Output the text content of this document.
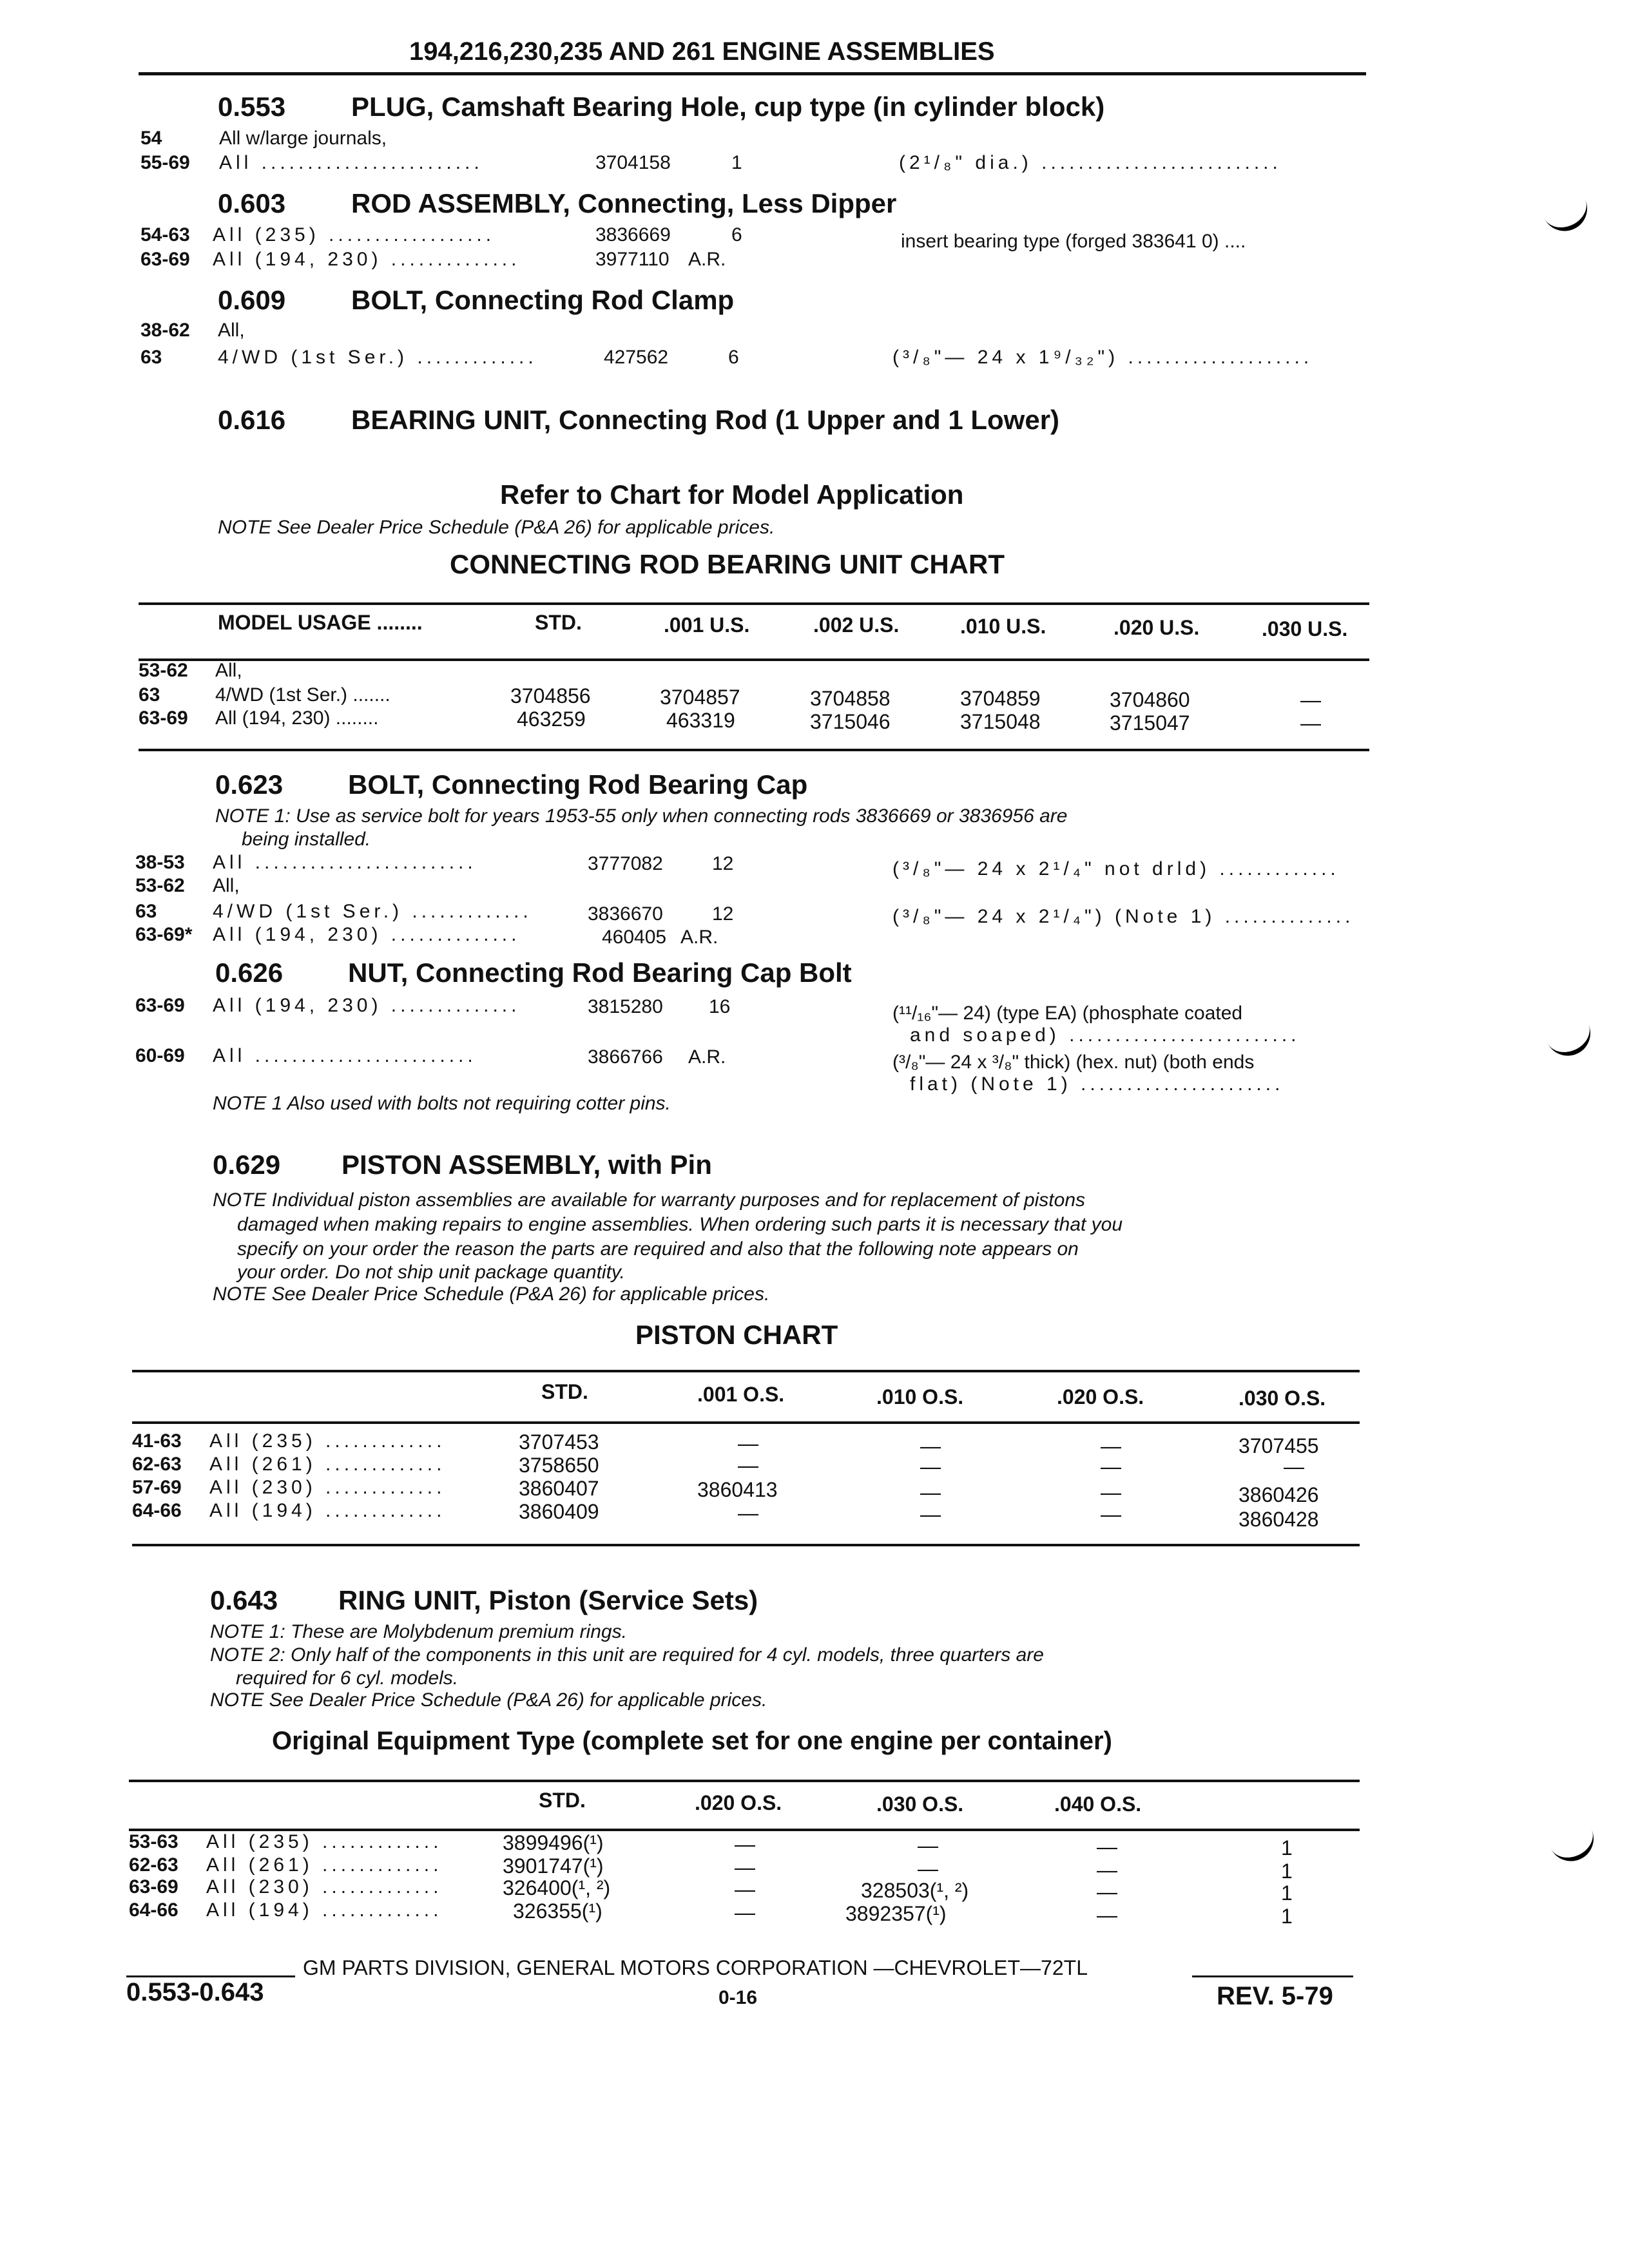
194,216,230,235 AND 261 ENGINE ASSEMBLIES
0.553 PLUG, Camshaft Bearing Hole, cup type (in cylinder block)
54	All w/large journals,
55-69 All ........................	3704158	1	(2¹/₈" dia.) ..........................
0.603 ROD ASSEMBLY, Connecting, Less Dipper
54-63 All (235) ..................	3836669	6	insert bearing type (forged 383641 0) ....
63-69 All (194, 230) ..............	3977110 A.R.
0.609 BOLT, Connecting Rod Clamp
38-62 All,
63	4/WD (1st Ser.) .............	427562	6	(³/₈"— 24 x 1⁹/₃₂") ....................
0.616 BEARING UNIT, Connecting Rod (1 Upper and 1 Lower)
Refer to Chart for Model Application
NOTE See Dealer Price Schedule (P&A 26) for applicable prices.
CONNECTING ROD BEARING UNIT CHART
MODEL USAGE ........	STD.	.001 U.S.	.002 U.S.	.010 U.S.	.020 U.S.	.030 U.S.
53-62 All,
63	4/WD (1st Ser.) .......	3704856	3704857	3704858	3704859	3704860	—
63-69 All (194, 230) ........	463259	463319	3715046	3715048	3715047	—
0.623 BOLT, Connecting Rod Bearing Cap
NOTE 1: Use as service bolt for years 1953-55 only when connecting rods 3836669 or 3836956 are
being installed.
38-53 All ........................	3777082	12	(³/₈"— 24 x 2¹/₄" not drld) .............
53-62 All,
63	4/WD (1st Ser.) .............	3836670	12	(³/₈"— 24 x 2¹/₄") (Note 1) ..............
63-69* All (194, 230) ..............	460405 A.R.
0.626 NUT, Connecting Rod Bearing Cap Bolt
63-69 All (194, 230) ..............	3815280 16	(¹¹/₁₆"— 24) (type EA) (phosphate coated
and soaped) .........................
60-69 All ........................	3866766 A.R.	(³/₈"— 24 x ³/₈" thick) (hex. nut) (both ends
flat) (Note 1) ......................
NOTE 1 Also used with bolts not requiring cotter pins.
0.629 PISTON ASSEMBLY, with Pin
NOTE Individual piston assemblies are available for warranty purposes and for replacement of pistons
damaged when making repairs to engine assemblies. When ordering such parts it is necessary that you
specify on your order the reason the parts are required and also that the following note appears on
your order. Do not ship unit package quantity.
NOTE See Dealer Price Schedule (P&A 26) for applicable prices.
PISTON CHART
STD.	.001 O.S.	.010 O.S.	.020 O.S.	.030 O.S.
41-63 All (235) .............	3707453	—	—	—	3707455
62-63 All (261) .............	3758650	—	—	—	—
57-69 All (230) .............	3860407	3860413	—	—	3860426
64-66 All (194) .............	3860409	—	—	—	3860428
0.643 RING UNIT, Piston (Service Sets)
NOTE 1: These are Molybdenum premium rings.
NOTE 2: Only half of the components in this unit are required for 4 cyl. models, three quarters are
required for 6 cyl. models.
NOTE See Dealer Price Schedule (P&A 26) for applicable prices.
Original Equipment Type (complete set for one engine per container)
STD.	.020 O.S.	.030 O.S.	.040 O.S.
53-63 All (235) .............	3899496(¹)	—	—	—	1
62-63 All (261) .............	3901747(¹)	—	—	—	1
63-69 All (230) .............	326400(¹, ²)	—	328503(¹, ²)	—	1
64-66 All (194) .............	326355(¹)	—	3892357(¹)	—	1
GM PARTS DIVISION, GENERAL MOTORS CORPORATION —CHEVROLET—72TL
0.553-0.643	0-16	REV. 5-79
